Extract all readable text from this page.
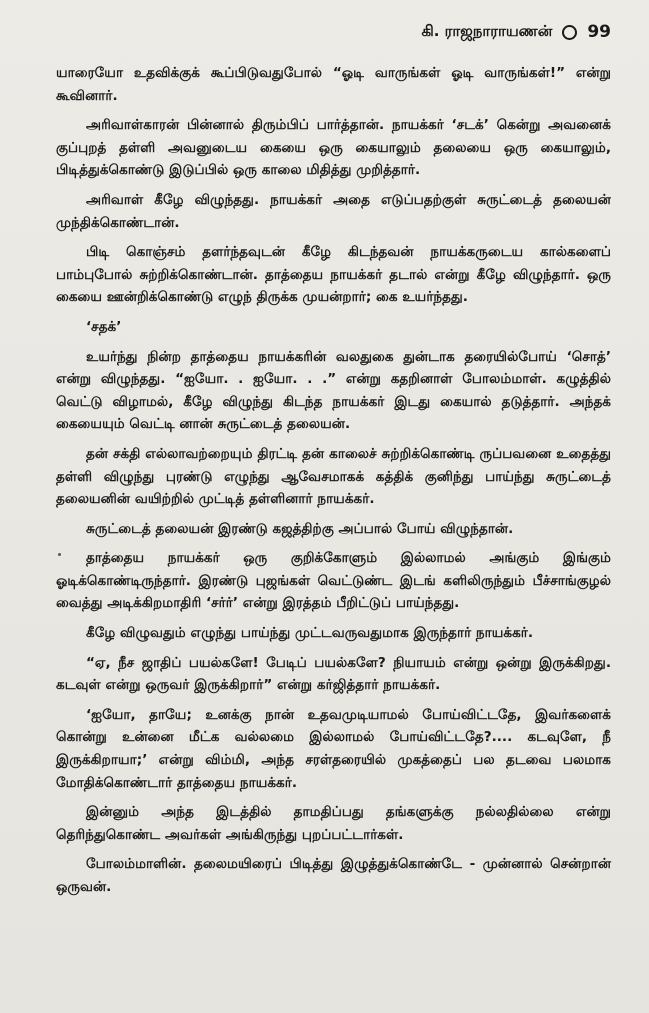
கி. ராஜநாராயணன் 99

யாரையோ உதவிக்குக் கூப்பிடுவதுபோல் “ஓடி வாருங்கள் ஓடி வாருங்கள்!” என்று கூவினார்.

அரிவாள்காரன் பின்னால் திரும்பிப் பார்த்தான். நாயக்கர் ‘சடக்’ கென்று அவனைக் குப்புறத் தள்ளி அவனுடைய கையை ஒரு கையாலும் தலையை ஒரு கையாலும், பிடித்துக்கொண்டு இடுப்பில் ஒரு காலை மிதித்து முறித்தார்.

அரிவாள் கீழே விழுந்தது. நாயக்கர் அதை எடுப்பதற்குள் சுருட்டைத் தலையன் முந்திக்கொண்டான்.

பிடி கொஞ்சம் தளர்ந்தவுடன் கீழே கிடந்தவன் நாயக்கருடைய கால்களைப் பாம்புபோல் சுற்றிக்கொண்டான். தாத்தைய நாயக்கர் தடால் என்று கீழே விழுந்தார். ஒரு கையை ஊன்றிக்கொண்டு எழுந் திருக்க முயன்றார்; கை உயர்ந்தது.

‘சதக்’

உயர்ந்து நின்ற தாத்தைய நாயக்கரின் வலதுகை துன்டாக தரையில்போய் ‘சொத்’ என்று விழுந்தது. “ஐயோ. . ஐயோ. . .” என்று கதறினாள் போலம்மாள். கழுத்தில் வெட்டு விழாமல், கீழே விழுந்து கிடந்த நாயக்கர் இடது கையால் தடுத்தார். அந்தக் கையையும் வெட்டி னான் சுருட்டைத் தலையன்.

தன் சக்தி எல்லாவற்றையும் திரட்டி தன் காலைச் சுற்றிக்கொண்டி ருப்பவனை உதைத்து தள்ளி விழுந்து புரண்டு எழுந்து ஆவேசமாகக் கத்திக் குனிந்து பாய்ந்து சுருட்டைத் தலையனின் வயிற்றில் முட்டித் தள்ளினார் நாயக்கர்.

சுருட்டைத் தலையன் இரண்டு கஜத்திற்கு அப்பால் போய் விழுந்தான்.

தாத்தைய நாயக்கர் ஒரு குறிக்கோளும் இல்லாமல் அங்கும் இங்கும் ஓடிக்கொண்டிருந்தார். இரண்டு புஜங்கள் வெட்டுண்ட இடங் களிலிருந்தும் பீச்சாங்குழல் வைத்து அடிக்கிறமாதிரி ‘சர்ர்’ என்று இரத்தம் பீறிட்டுப் பாய்ந்தது.

கீழே விழுவதும் எழுந்து பாய்ந்து முட்டவருவதுமாக இருந்தார் நாயக்கர்.

“ஏ, நீச ஜாதிப் பயல்களே! பேடிப் பயல்களே? நியாயம் என்று ஒன்று இருக்கிறது. கடவுள் என்று ஒருவர் இருக்கிறார்” என்று கர்ஜித்தார் நாயக்கர்.

‘ஐயோ, தாயே; உனக்கு நான் உதவமுடியாமல் போய்விட்டதே, இவர்களைக் கொன்று உன்னை மீட்க வல்லமை இல்லாமல் போய்விட்டதே?.... கடவுளே, நீ இருக்கிறாயா;’ என்று விம்மி, அந்த சரள்தரையில் முகத்தைப் பல தடவை பலமாக மோதிக்கொண்டார் தாத்தைய நாயக்கர்.

இன்னும் அந்த இடத்தில் தாமதிப்பது தங்களுக்கு நல்லதில்லை என்று தெரிந்துகொண்ட அவர்கள் அங்கிருந்து புறப்பட்டார்கள்.

போலம்மாளின். தலைமயிரைப் பிடித்து இழுத்துக்கொண்டே - முன்னால் சென்றான் ஒருவன்.
